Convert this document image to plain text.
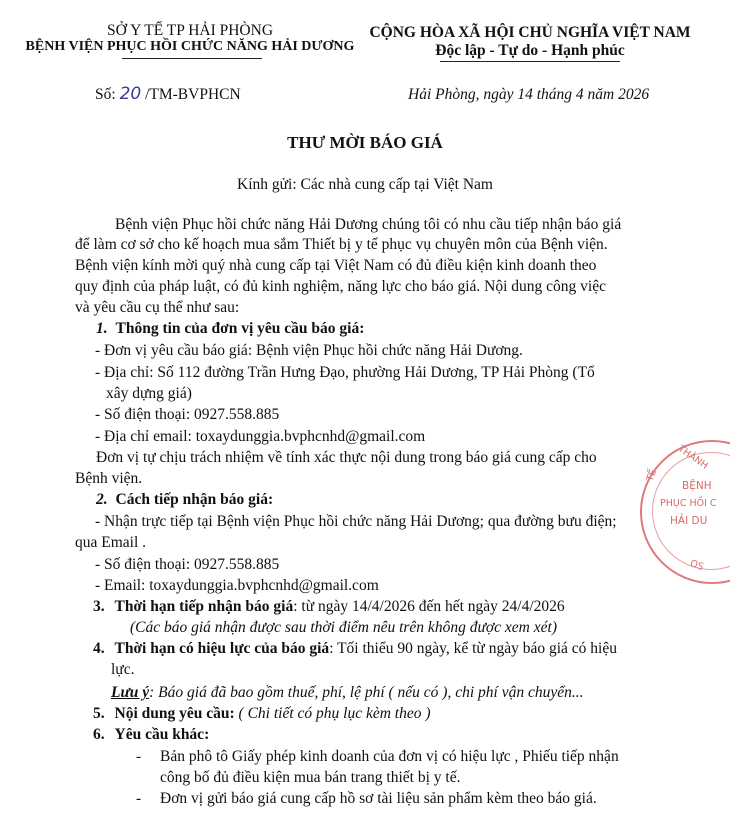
SỞ Y TẾ TP HẢI PHÒNG
BỆNH VIỆN PHỤC HỒI CHỨC NĂNG HẢI DƯƠNG
CỘNG HÒA XÃ HỘI CHỦ NGHĨA VIỆT NAM
Độc lập - Tự do - Hạnh phúc
Số: 20 /TM-BVPHCN	Hải Phòng, ngày 14 tháng 4 năm 2026
THƯ MỜI BÁO GIÁ
Kính gửi: Các nhà cung cấp tại Việt Nam
Bệnh viện Phục hồi chức năng Hải Dương chúng tôi có nhu cầu tiếp nhận báo giá
để làm cơ sở cho kế hoạch mua sắm Thiết bị y tế phục vụ chuyên môn của Bệnh viện.
Bệnh viện kính mời quý nhà cung cấp tại Việt Nam có đủ điều kiện kinh doanh theo
quy định của pháp luật, có đủ kinh nghiệm, năng lực cho báo giá. Nội dung công việc
và yêu cầu cụ thể như sau:
1. Thông tin của đơn vị yêu cầu báo giá:
- Đơn vị yêu cầu báo giá: Bệnh viện Phục hồi chức năng Hải Dương.
- Địa chỉ: Số 112 đường Trần Hưng Đạo, phường Hải Dương, TP Hải Phòng (Tổ
xây dựng giá)
- Số điện thoại: 0927.558.885
- Địa chỉ email: toxaydunggia.bvphcnhd@gmail.com
Đơn vị tự chịu trách nhiệm về tính xác thực nội dung trong báo giá cung cấp cho
Bệnh viện.
2. Cách tiếp nhận báo giá:
- Nhận trực tiếp tại Bệnh viện Phục hồi chức năng Hải Dương; qua đường bưu điện;
qua Email .
- Số điện thoại: 0927.558.885
- Email: toxaydunggia.bvphcnhd@gmail.com
3. Thời hạn tiếp nhận báo giá: từ ngày 14/4/2026 đến hết ngày 24/4/2026
(Các báo giá nhận được sau thời điểm nêu trên không được xem xét)
4. Thời hạn có hiệu lực của báo giá: Tối thiểu 90 ngày, kể từ ngày báo giá có hiệu
lực.
Lưu ý: Báo giá đã bao gồm thuế, phí, lệ phí ( nếu có ), chi phí vận chuyển...
5. Nội dung yêu cầu: ( Chi tiết có phụ lục kèm theo )
6. Yêu cầu khác:
- Bản phô tô Giấy phép kinh doanh của đơn vị có hiệu lực , Phiếu tiếp nhận
công bố đủ điều kiện mua bán trang thiết bị y tế.
- Đơn vị gửi báo giá cung cấp hồ sơ tài liệu sản phẩm kèm theo báo giá.
THÀNH
BỆNH
PHỤC HỒI C
HẢI DU
TẾ
OS
